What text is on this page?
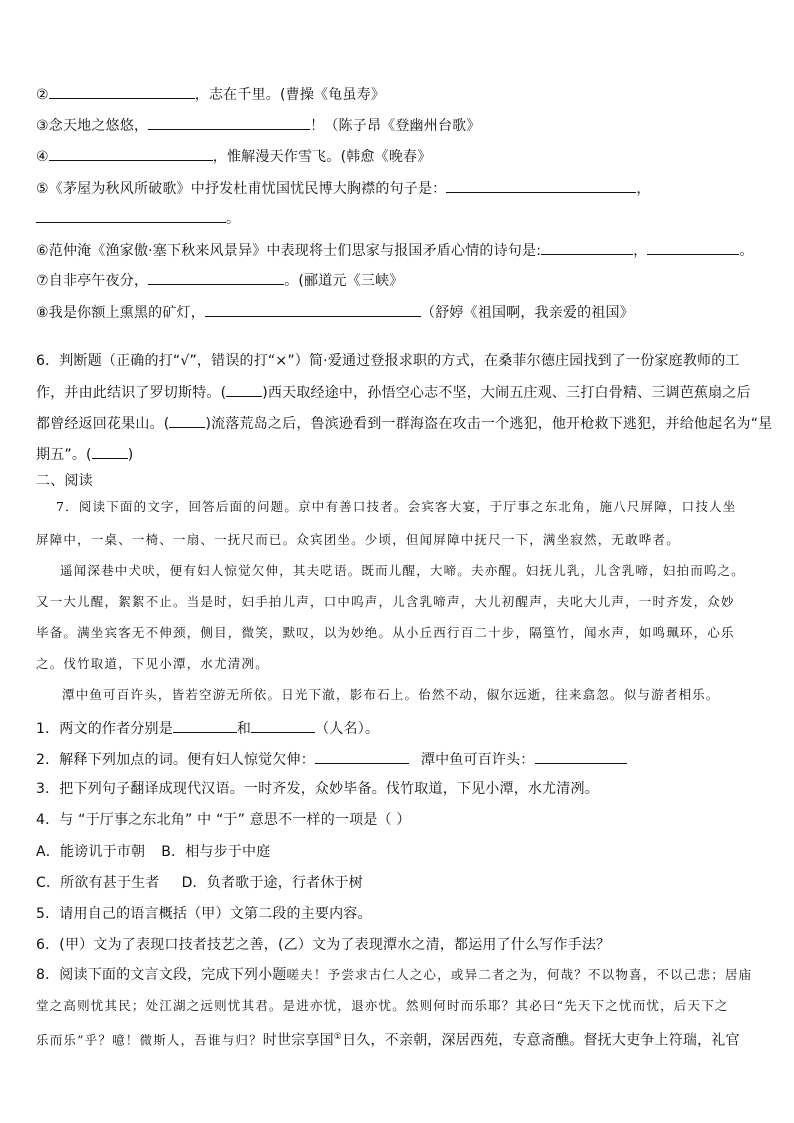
②	，志在千里。(曹操《龟虽寿》
③念天地之悠悠，	！（陈子昂《登幽州台歌》
④	，惟解漫天作雪飞。(韩愈《晚春》
⑤《茅屋为秋风所破歌》中抒发杜甫忧国忧民博大胸襟的句子是：	，
。
⑥范仲淹《渔家傲·塞下秋来风景异》中表现将士们思家与报国矛盾心情的诗句是:	，	。
⑦自非亭午夜分，	。(郦道元《三峡》
⑧我是你额上熏黑的矿灯，	（舒婷《祖国啊，我亲爱的祖国》
6．判断题（正确的打“√”，错误的打“×”）简·爱通过登报求职的方式，在桑菲尔德庄园找到了一份家庭教师的工
作，并由此结识了罗切斯特。(	)西天取经途中，孙悟空心志不坚，大闹五庄观、三打白骨精、三调芭蕉扇之后
都曾经返回花果山。(	)流落荒岛之后，鲁滨逊看到一群海盗在攻击一个逃犯，他开枪救下逃犯，并给他起名为“星
期五”。(	)
二、阅读
7．阅读下面的文字，回答后面的问题。京中有善口技者。会宾客大宴，于厅事之东北角，施八尺屏障，口技人坐
屏障中，一桌、一椅、一扇、一抚尺而已。众宾团坐。少顷，但闻屏障中抚尺一下，满坐寂然，无敢哗者。
遥闻深巷中犬吠，便有妇人惊觉欠伸，其夫呓语。既而儿醒，大啼。夫亦醒。妇抚儿乳，儿含乳啼，妇拍而呜之。
又一大儿醒，絮絮不止。当是时，妇手拍儿声，口中呜声，儿含乳啼声，大儿初醒声，夫叱大儿声，一时齐发，众妙
毕备。满坐宾客无不伸颈，侧目，微笑，默叹，以为妙绝。从小丘西行百二十步，隔篁竹，闻水声，如鸣珮环，心乐
之。伐竹取道，下见小潭，水尤清冽。
潭中鱼可百许头，皆若空游无所依。日光下澈，影布石上。佁然不动，俶尔远逝，往来翕忽。似与游者相乐。
1．两文的作者分别是	和	（人名）。
2．解释下列加点的词。便有妇人惊觉欠伸：	潭中鱼可百许头：
3．把下列句子翻译成现代汉语。一时齐发，众妙毕备。伐竹取道，下见小潭，水尤清冽。
4．与 “于厅事之东北角” 中 “于” 意思不一样的一项是（ ）
A．能谤讥于市朝 B．相与步于中庭
C．所欲有甚于生者 D．负者歌于途，行者休于树
5．请用自己的语言概括（甲）文第二段的主要内容。
6．(甲）文为了表现口技者技艺之善，(乙）文为了表现潭水之清，都运用了什么写作手法？
8．阅读下面的文言文段，完成下列小题嗟夫！予尝求古仁人之心，或异二者之为，何哉？不以物喜，不以己悲；居庙
堂之高则忧其民；处江湖之远则忧其君。是进亦忧，退亦忧。然则何时而乐耶？其必曰“先天下之忧而忧，后天下之
乐而乐”乎？噫！微斯人，吾谁与归？时世宗享国①日久，不亲朝，深居西苑，专意斋醮。督抚大吏争上符瑞，礼官
